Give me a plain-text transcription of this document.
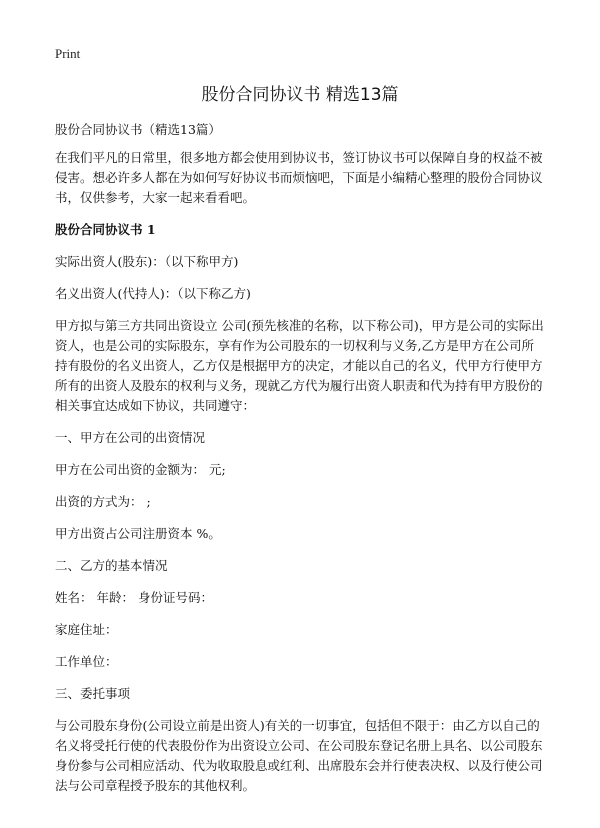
Print
股份合同协议书 精选13篇

股份合同协议书（精选13篇）

在我们平凡的日常里，很多地方都会使用到协议书，签订协议书可以保障自身的权益不被侵害。想必许多人都在为如何写好协议书而烦恼吧，下面是小编精心整理的股份合同协议书，仅供参考，大家一起来看看吧。

股份合同协议书 1

实际出资人(股东)：（以下称甲方)

名义出资人(代持人)：（以下称乙方)

甲方拟与第三方共同出资设立 公司(预先核准的名称，以下称公司)，甲方是公司的实际出资人，也是公司的实际股东，享有作为公司股东的一切权利与义务,乙方是甲方在公司所持有股份的名义出资人，乙方仅是根据甲方的决定，才能以自己的名义，代甲方行使甲方所有的出资人及股东的权利与义务，现就乙方代为履行出资人职责和代为持有甲方股份的相关事宜达成如下协议，共同遵守：

一、甲方在公司的出资情况

甲方在公司出资的金额为： 元;

出资的方式为： ;

甲方出资占公司注册资本 %。

二、乙方的基本情况

姓名： 年龄： 身份证号码：

家庭住址：

工作单位：

三、委托事项

与公司股东身份(公司设立前是出资人)有关的一切事宜，包括但不限于：由乙方以自己的名义将受托行使的代表股份作为出资设立公司、在公司股东登记名册上具名、以公司股东身份参与公司相应活动、代为收取股息或红利、出席股东会并行使表决权、以及行使公司法与公司章程授予股东的其他权利。
